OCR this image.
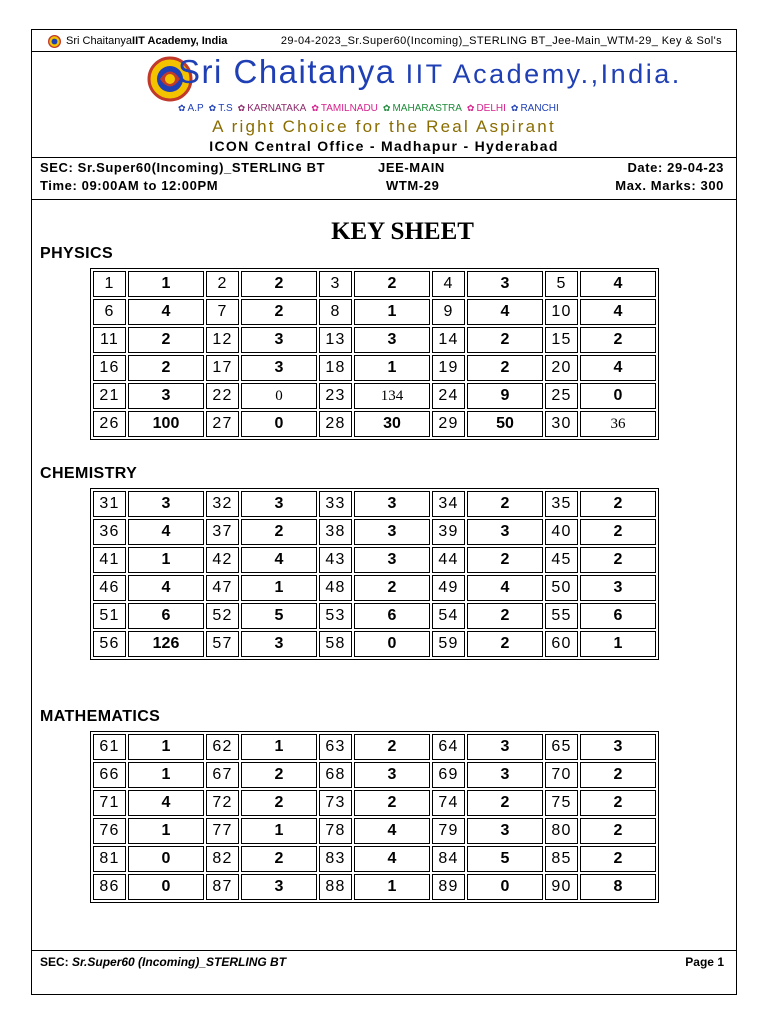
Sri ChaitanyaIIT Academy, India	29-04-2023_Sr.Super60(Incoming)_STERLING BT_Jee-Main_WTM-29_ Key & Sol's
Sri Chaitanya IIT Academy.,India.
✿ A.P ✿ T.S ✿ KARNATAKA ✿ TAMILNADU ✿ MAHARASTRA ✿ DELHI ✿ RANCHI
A right Choice for the Real Aspirant
ICON Central Office - Madhapur - Hyderabad
SEC: Sr.Super60(Incoming)_STERLING BT	JEE-MAIN	Date: 29-04-23
Time: 09:00AM to 12:00PM	WTM-29	Max. Marks: 300
KEY SHEET
PHYSICS
1	1	2	2	3	2	4	3	5	4
6	4	7	2	8	1	9	4	10	4
11	2	12	3	13	3	14	2	15	2
16	2	17	3	18	1	19	2	20	4
21	3	22	0	23	134	24	9	25	0
26	100	27	0	28	30	29	50	30	36
CHEMISTRY
31	3	32	3	33	3	34	2	35	2
36	4	37	2	38	3	39	3	40	2
41	1	42	4	43	3	44	2	45	2
46	4	47	1	48	2	49	4	50	3
51	6	52	5	53	6	54	2	55	6
56	126	57	3	58	0	59	2	60	1
MATHEMATICS
61	1	62	1	63	2	64	3	65	3
66	1	67	2	68	3	69	3	70	2
71	4	72	2	73	2	74	2	75	2
76	1	77	1	78	4	79	3	80	2
81	0	82	2	83	4	84	5	85	2
86	0	87	3	88	1	89	0	90	8
SEC: Sr.Super60 (Incoming)_STERLING BT	Page 1
